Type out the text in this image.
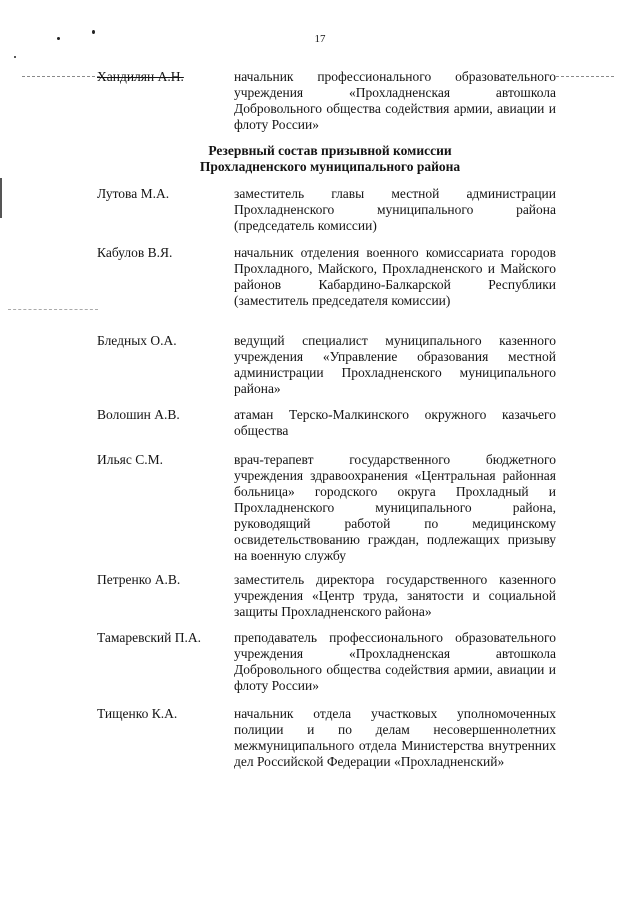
17
Хандилян А.Н.	начальник профессионального образовательного учреждения «Прохладненская автошкола Добровольного общества содействия армии, авиации и флоту России»
Резервный состав призывной комиссии
Прохладненского муниципального района
Лутова М.А.	заместитель главы местной администрации Прохладненского муниципального района (председатель комиссии)
Кабулов В.Я.	начальник отделения военного комиссариата городов Прохладного, Майского, Прохладненского и Майского районов Кабардино-Балкарской Республики (заместитель председателя комиссии)
Бледных О.А.	ведущий специалист муниципального казенного учреждения «Управление образования местной администрации Прохладненского муниципального района»
Волошин А.В.	атаман Терско-Малкинского окружного казачьего общества
Ильяс С.М.	врач-терапевт государственного бюджетного учреждения здравоохранения «Центральная районная больница» городского округа Прохладный и Прохладненского муниципального района, руководящий работой по медицинскому освидетельствованию граждан, подлежащих призыву на военную службу
Петренко А.В.	заместитель директора государственного казенного учреждения «Центр труда, занятости и социальной защиты Прохладненского района»
Тамаревский П.А. преподаватель профессионального образовательного учреждения «Прохладненская автошкола Добровольного общества содействия армии, авиации и флоту России»
Тищенко К.А.	начальник отдела участковых уполномоченных полиции и по делам несовершеннолетних межмуниципального отдела Министерства внутренних дел Российской Федерации «Прохладненский»
